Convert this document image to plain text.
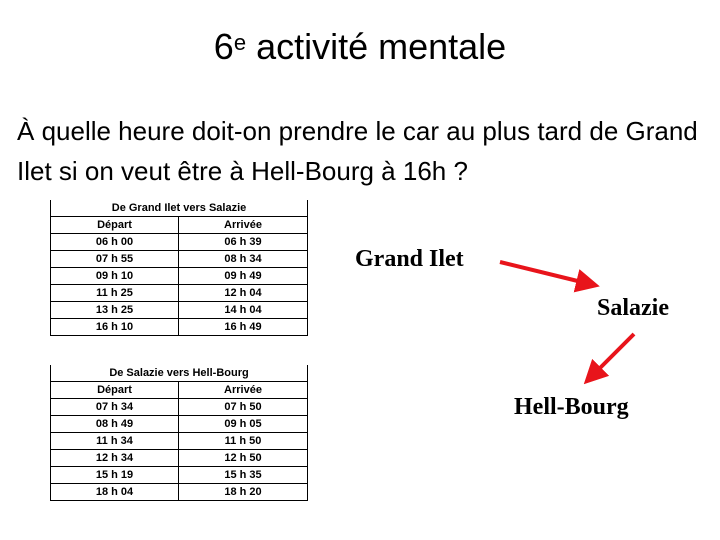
6e activité mentale
À quelle heure doit-on prendre le car au plus tard de Grand Ilet si on veut être à Hell-Bourg à 16h ?
De Grand Ilet vers Salazie	
Départ	Arrivée
06 h 00	06 h 39
07 h 55	08 h 34
09 h 10	09 h 49
11 h 25	12 h 04
13 h 25	14 h 04
16 h 10	16 h 49
De Salazie vers Hell-Bourg	
Départ	Arrivée
07 h 34	07 h 50
08 h 49	09 h 05
11 h 34	11 h 50
12 h 34	12 h 50
15 h 19	15 h 35
18 h 04	18 h 20
Grand Ilet
Salazie
Hell-Bourg
